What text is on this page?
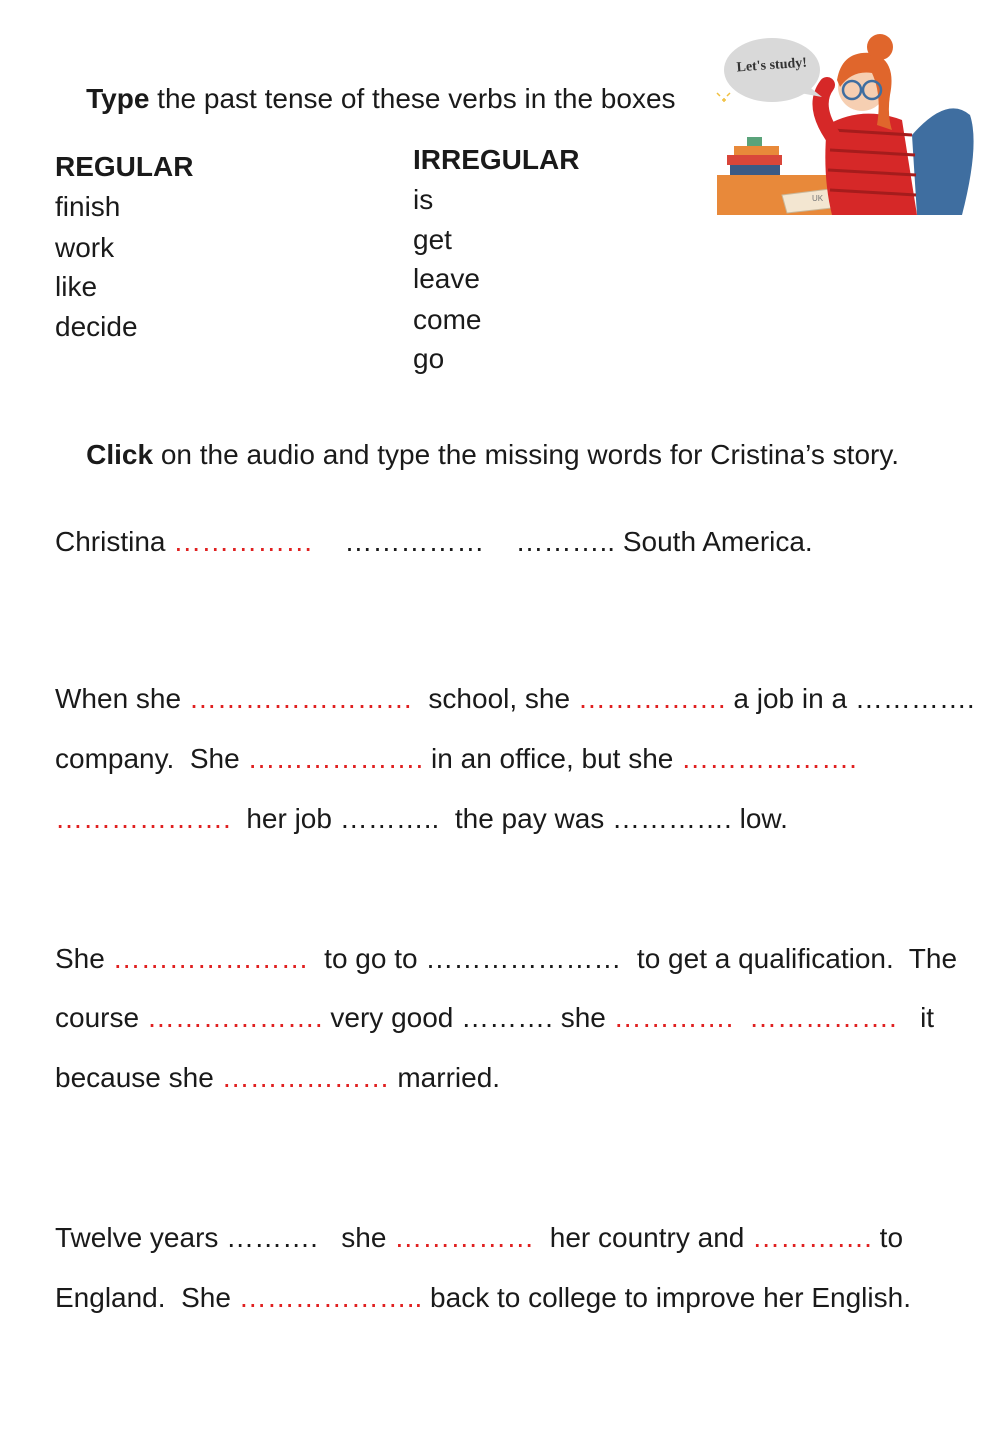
Type the past tense of these verbs in the boxes

UK
Let's study!
REGULAR
finish
work
like
decide
IRREGULAR
is
get
leave
come
go

Click on the audio and type the missing words for Cristina’s story.

Christina ……………    ……………    ……….. South America.
When she ……………………  school, she ……………. a job in a ………….
company.  She ………………. in an office, but she ……………….
……………….  her job ………..  the pay was …………. low.
She …………………  to go to …………………  to get a qualification.  The
course ………………. very good ………. she …………. …………….   it
because she ……………… married.
Twelve years ……….   she ……………  her country and …………. to
England.  She ……………….. back to college to improve her English.
